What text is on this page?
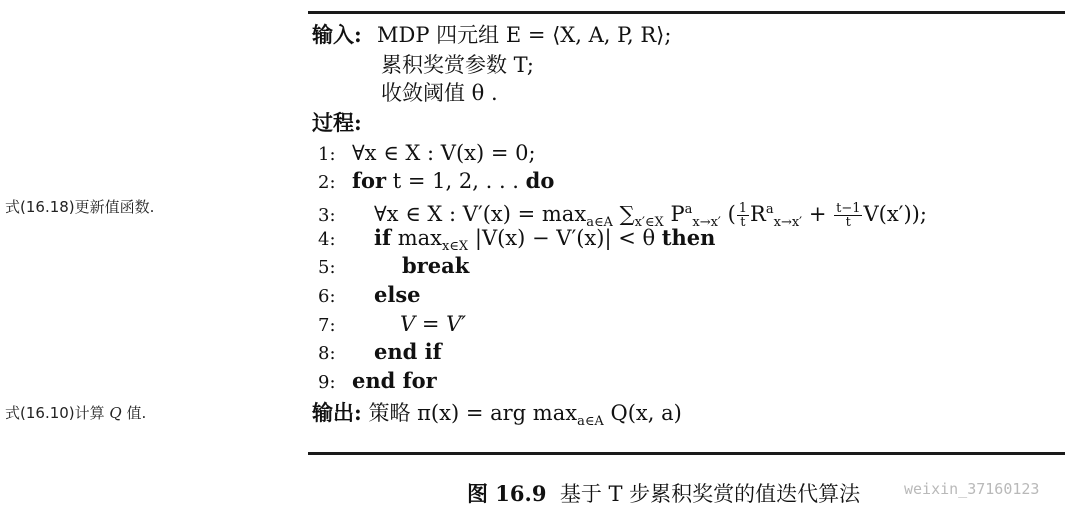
式(16.18)更新值函数.
式(16.10)计算 Q 值.
输入: MDP 四元组 E = ⟨X, A, P, R⟩;
累积奖赏参数 T;
收敛阈值 θ .
过程:
1: ∀x ∈ X : V(x) = 0;
2: for t = 1, 2, . . . do
3: ∀x ∈ X : $V'(x) = \max_{a\in A} \sum_{x'\in X}$ $P^a_{x\to x'}$ ( $\frac{1}{t} R^a_{x\to x'} + \frac{t-1}{t} V(x')$);
4: if $\max_{x\in X} |V(x) - V'(x)| < \theta$ then
5:	break
6: else
7:	V = V′
8: end if
9: end for
输出: 策略 π(x) = arg $\max_{a\in A} Q(x$, a)
图 16.9 基于 T 步累积奖赏的值迭代算法	weixin_37160123
